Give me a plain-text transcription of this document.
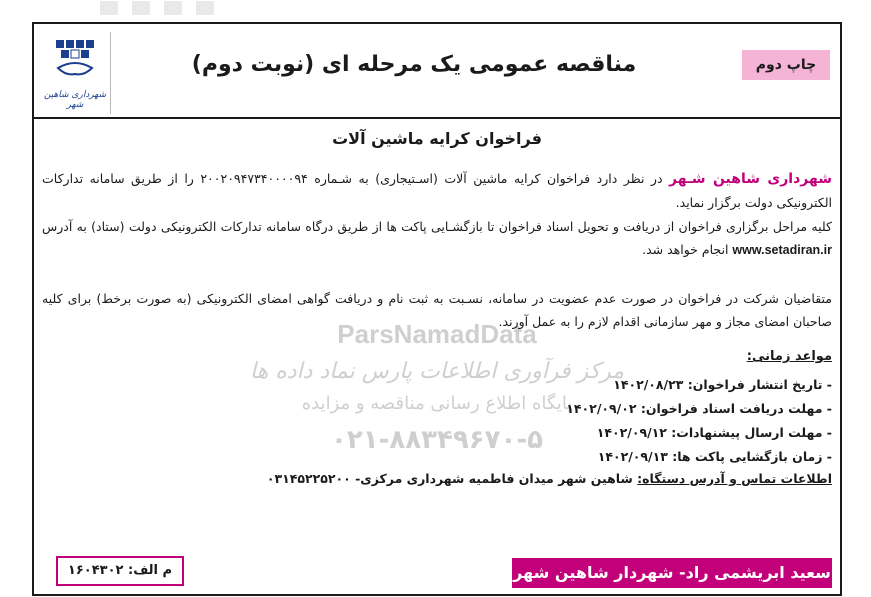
شهرداری شاهین شهر
مناقصه عمومی یک مرحله ای (نوبت دوم)	چاپ دوم
ParsNamadData
مرکز فرآوری اطلاعات پارس نماد داده ها
پایگاه اطلاع رسانی مناقصه و مزایده
۰۲۱-۸۸۳۴۹۶۷۰-۵
فراخوان کرایه ماشین آلات
شهرداری شاهین شـهر در نظر دارد فراخوان کرایه ماشین آلات (اسـتیجاری) به شـماره ۲۰۰۲۰۹۴۷۳۴۰۰۰۰۹۴ را از طریق سامانه تدارکات الکترونیکی دولت برگزار نماید.
کلیه مراحل برگزاری فراخوان از دریافت و تحویل اسناد فراخوان تا بازگشـایی پاکت ها از طریق درگاه سامانه تدارکات الکترونیکی دولت (ستاد) به آدرس www.setadiran.ir انجام خواهد شد.
متقاضیان شرکت در فراخوان در صورت عدم عضویت در سامانه، نسـبت به ثبت نام و دریافت گواهی امضای الکترونیکی (به صورت برخط) برای کلیه صاحبان امضای مجاز و مهر سازمانی اقدام لازم را به عمل آورند.
مواعد زمانی:
- تاریخ انتشار فراخوان: ۱۴۰۲/۰۸/۲۳
- مهلت دریافت اسناد فراخوان: ۱۴۰۲/۰۹/۰۲
- مهلت ارسال پیشنهادات: ۱۴۰۲/۰۹/۱۲
- زمان بازگشایی پاکت ها: ۱۴۰۲/۰۹/۱۳
اطلاعات تماس و آدرس دستگاه: شاهین شهر میدان فاطمیه شهرداری مرکزی- ۰۳۱۴۵۲۲۵۲۰۰
سعید ابریشمی راد- شهردار شاهین شهر
م الف: ۱۶۰۴۳۰۲
